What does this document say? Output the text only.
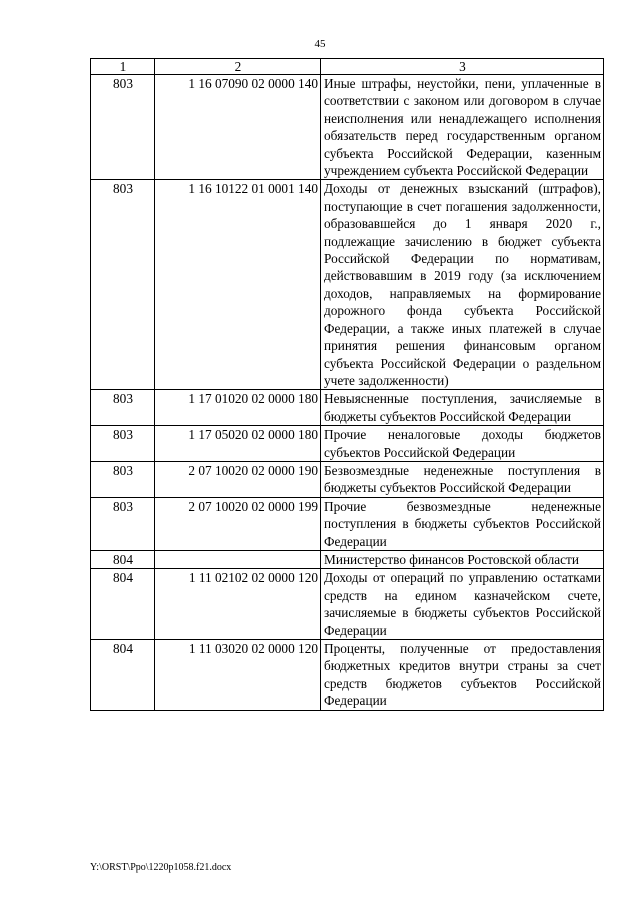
45
1	2	3
803	1 16 07090 02 0000 140	Иные штрафы, неустойки, пени, уплаченные в соответствии с законом или договором в случае неисполнения или ненадлежащего исполнения обязательств перед государственным органом субъекта Российской Федерации, казенным учреждением субъекта Российской Федерации
803	1 16 10122 01 0001 140	Доходы от денежных взысканий (штрафов), поступающие в счет погашения задолженности, образовавшейся до 1 января 2020 г., подлежащие зачислению в бюджет субъекта Российской Федерации по нормативам, действовавшим в 2019 году (за исключением доходов, направляемых на формирование дорожного фонда субъекта Российской Федерации, а также иных платежей в случае принятия решения финансовым органом субъекта Российской Федерации о раздельном учете задолженности)
803	1 17 01020 02 0000 180	Невыясненные поступления, зачисляемые в бюджеты субъектов Российской Федерации
803	1 17 05020 02 0000 180	Прочие неналоговые доходы бюджетов субъектов Российской Федерации
803	2 07 10020 02 0000 190	Безвозмездные неденежные поступления в бюджеты субъектов Российской Федерации
803	2 07 10020 02 0000 199	Прочие безвозмездные неденежные поступления в бюджеты субъектов Российской Федерации
804		Министерство финансов Ростовской области
804	1 11 02102 02 0000 120	Доходы от операций по управлению остатками средств на едином казначейском счете, зачисляемые в бюджеты субъектов Российской Федерации
804	1 11 03020 02 0000 120	Проценты, полученные от предоставления бюджетных кредитов внутри страны за счет средств бюджетов субъектов Российской Федерации
Y:\ORST\Ppo\1220p1058.f21.docx
